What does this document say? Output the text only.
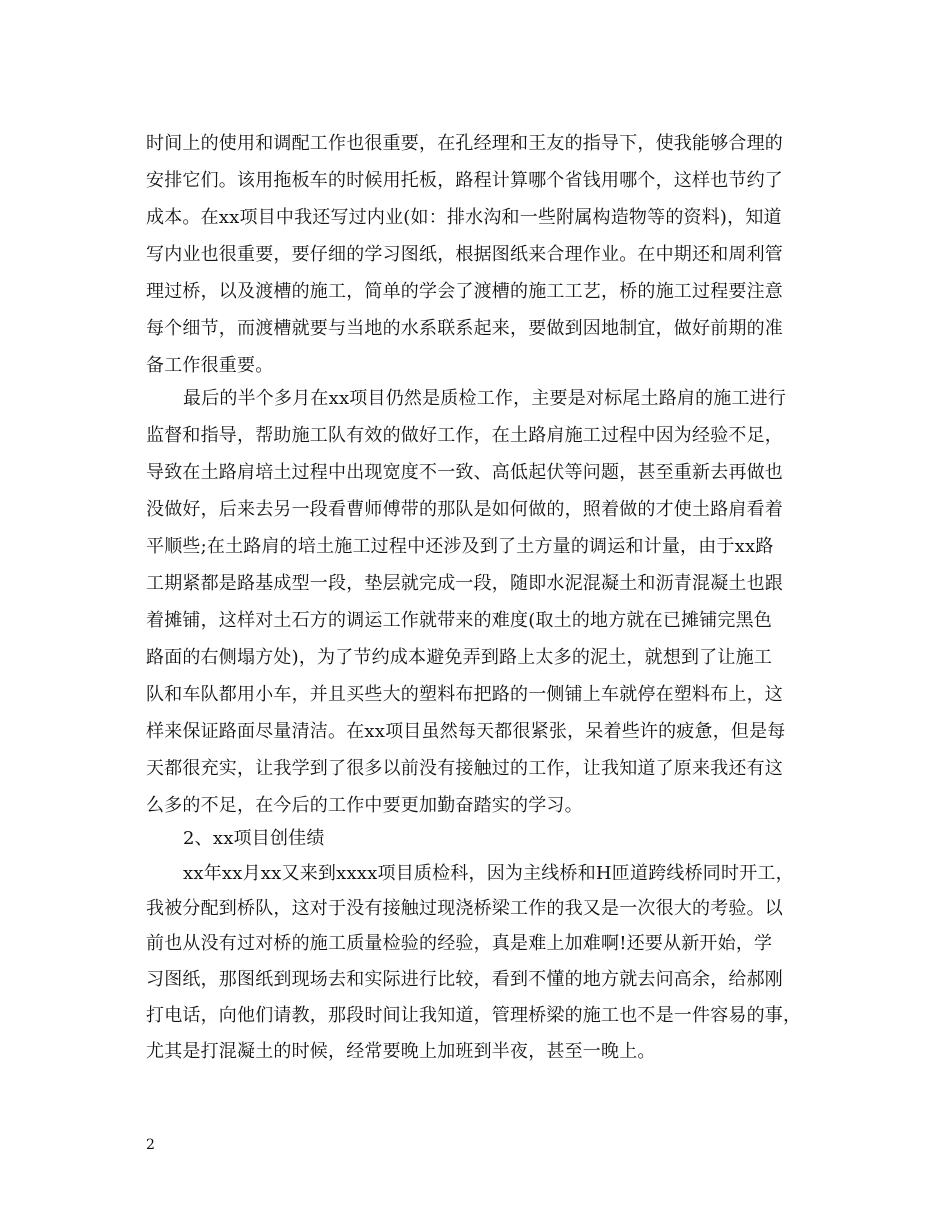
时间上的使用和调配工作也很重要，在孔经理和王友的指导下，使我能够合理的
安排它们。该用拖板车的时候用托板，路程计算哪个省钱用哪个，这样也节约了
成本。在xx项目中我还写过内业(如：排水沟和一些附属构造物等的资料)，知道
写内业也很重要，要仔细的学习图纸，根据图纸来合理作业。在中期还和周利管
理过桥，以及渡槽的施工，简单的学会了渡槽的施工工艺，桥的施工过程要注意
每个细节，而渡槽就要与当地的水系联系起来，要做到因地制宜，做好前期的准
备工作很重要。
最后的半个多月在xx项目仍然是质检工作，主要是对标尾土路肩的施工进行
监督和指导，帮助施工队有效的做好工作，在土路肩施工过程中因为经验不足，
导致在土路肩培土过程中出现宽度不一致、高低起伏等问题，甚至重新去再做也
没做好，后来去另一段看曹师傅带的那队是如何做的，照着做的才使土路肩看着
平顺些;在土路肩的培土施工过程中还涉及到了土方量的调运和计量，由于xx路
工期紧都是路基成型一段，垫层就完成一段，随即水泥混凝土和沥青混凝土也跟
着摊铺，这样对土石方的调运工作就带来的难度(取土的地方就在已摊铺完黑色
路面的右侧塌方处)，为了节约成本避免弄到路上太多的泥土，就想到了让施工
队和车队都用小车，并且买些大的塑料布把路的一侧铺上车就停在塑料布上，这
样来保证路面尽量清洁。在xx项目虽然每天都很紧张，呆着些许的疲惫，但是每
天都很充实，让我学到了很多以前没有接触过的工作，让我知道了原来我还有这
么多的不足，在今后的工作中要更加勤奋踏实的学习。
2、xx项目创佳绩
xx年xx月xx又来到xxxx项目质检科，因为主线桥和H匝道跨线桥同时开工，
我被分配到桥队，这对于没有接触过现浇桥梁工作的我又是一次很大的考验。以
前也从没有过对桥的施工质量检验的经验，真是难上加难啊!还要从新开始，学
习图纸，那图纸到现场去和实际进行比较，看到不懂的地方就去问高余，给郝刚
打电话，向他们请教，那段时间让我知道，管理桥梁的施工也不是一件容易的事，
尤其是打混凝土的时候，经常要晚上加班到半夜，甚至一晚上。
2
